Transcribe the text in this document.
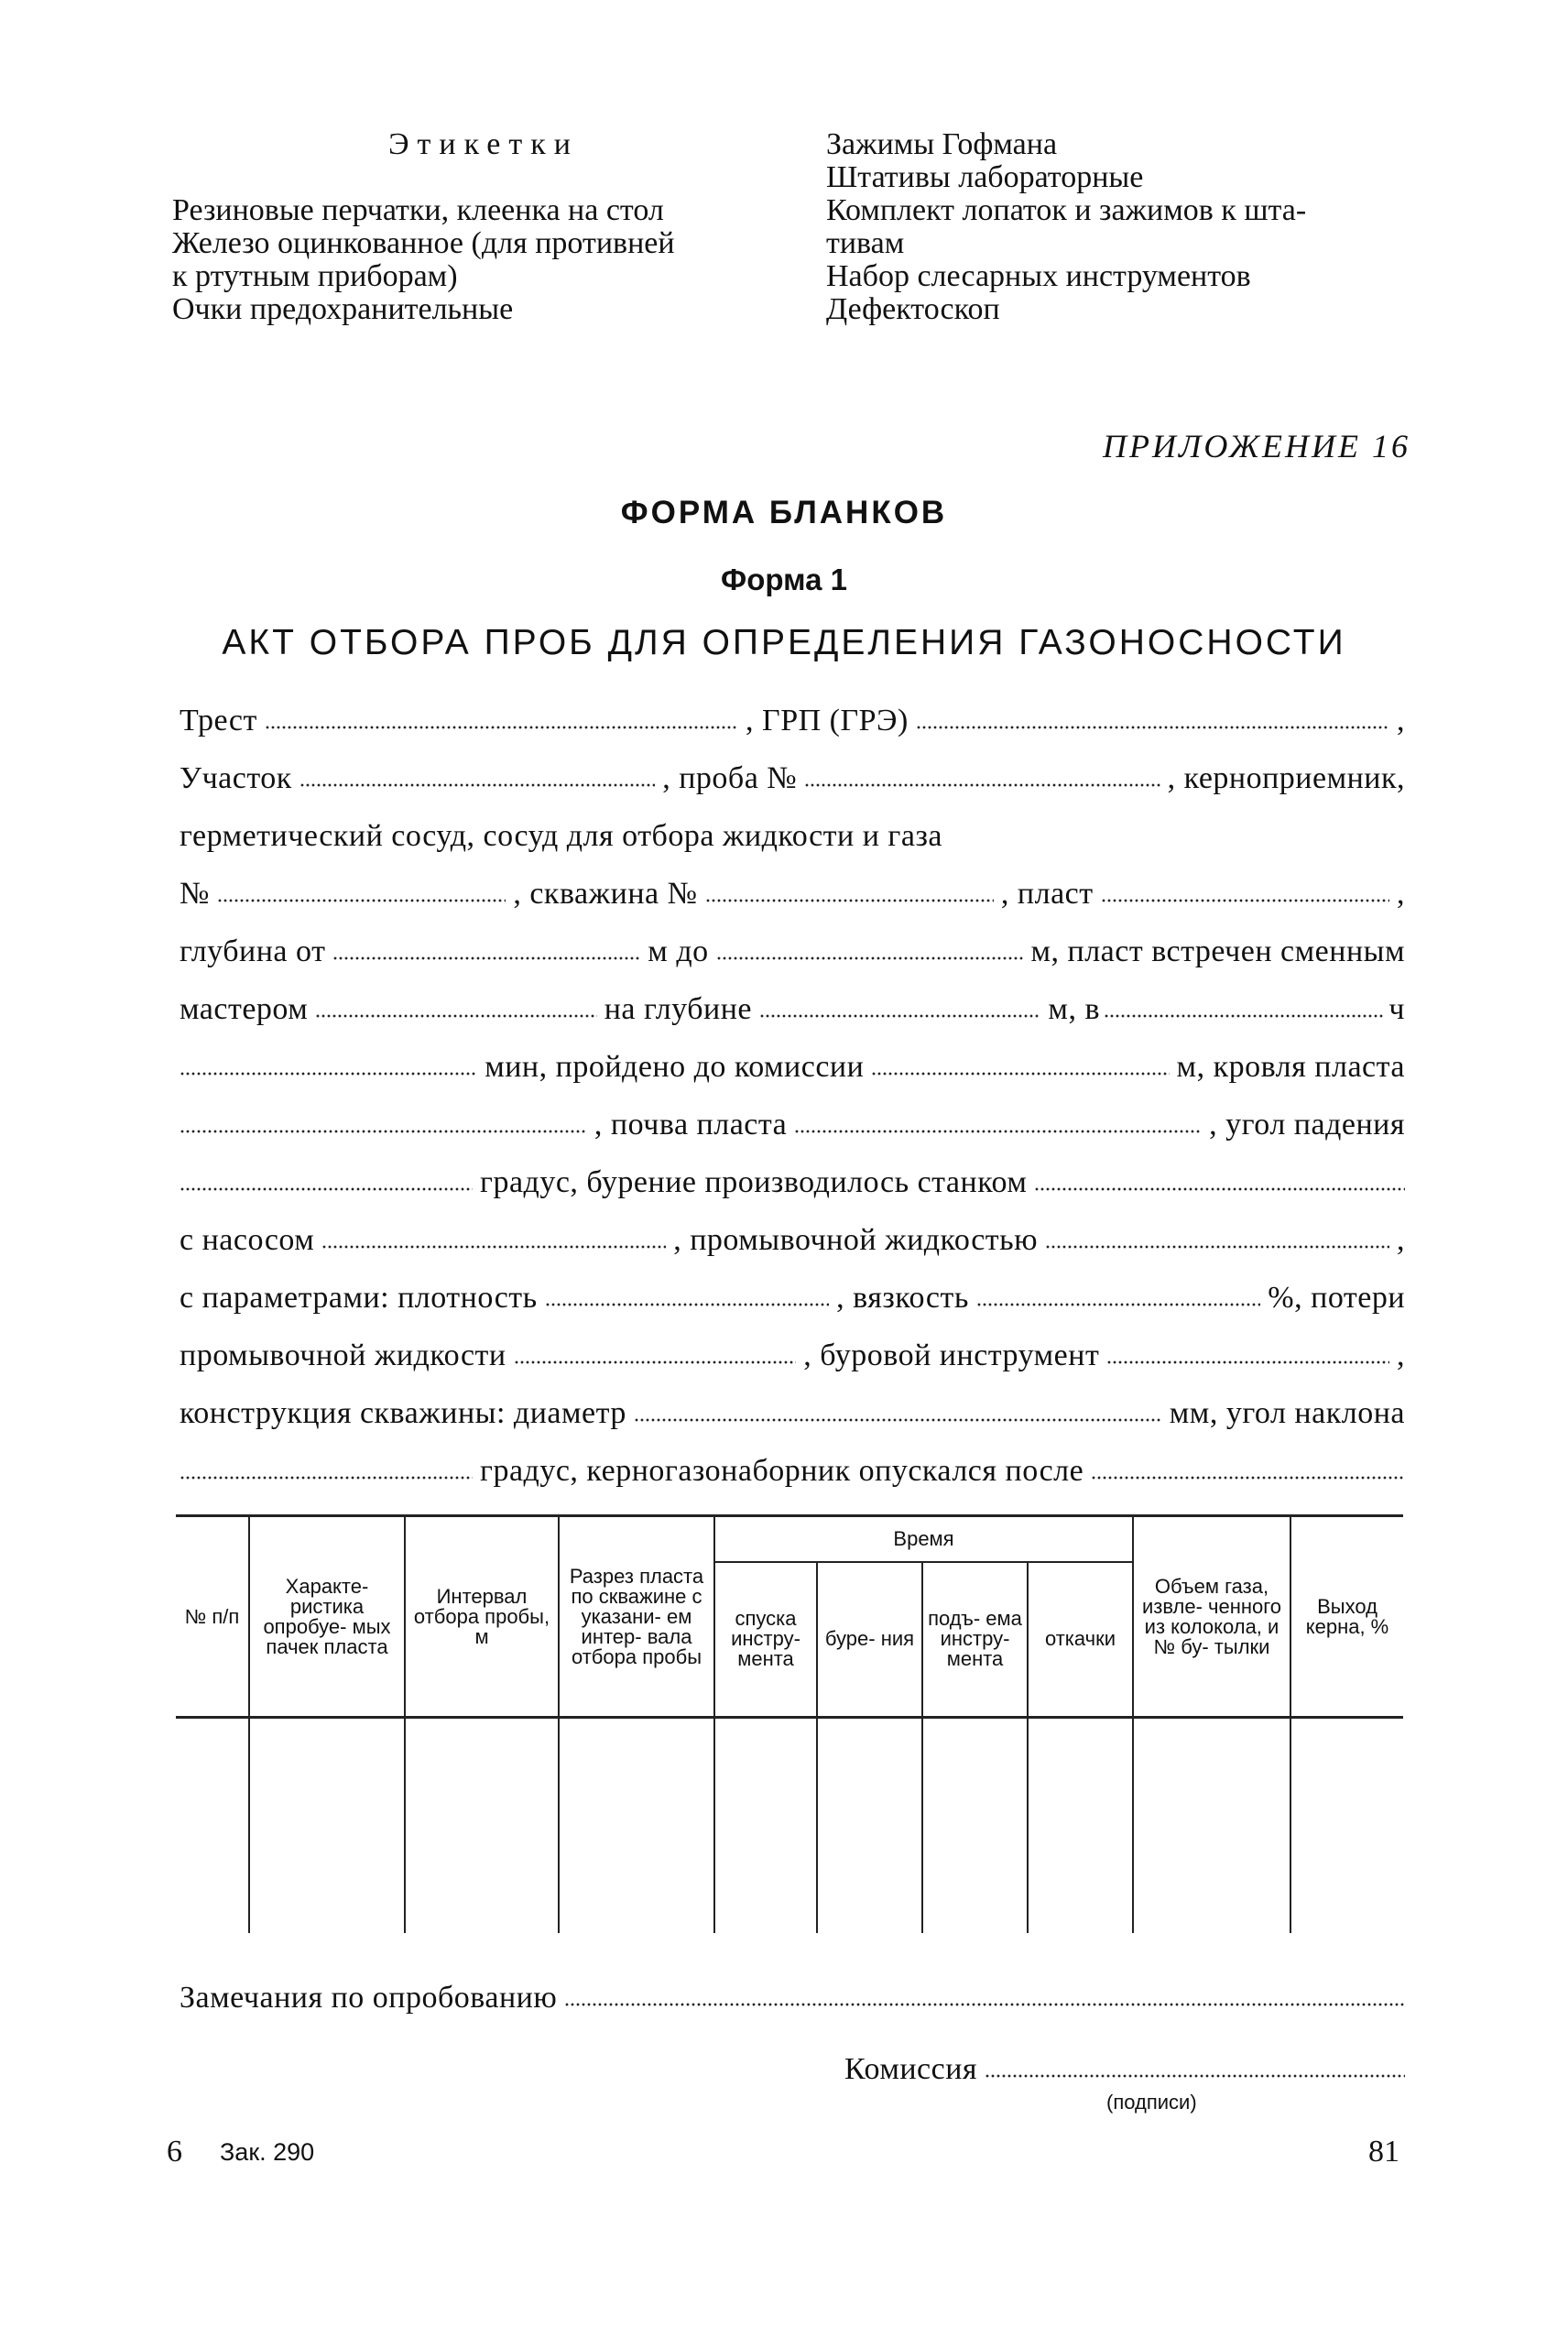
Этикетки
Резиновые перчатки, клеенка на стол
Железо оцинкованное (для противней
к ртутным приборам)
Очки предохранительные
Зажимы Гофмана
Штативы лабораторные
Комплект лопаток и зажимов к шта-
тивам
Набор слесарных инструментов
Дефектоскоп
ПРИЛОЖЕНИЕ 16
ФОРМА БЛАНКОВ
Форма 1
АКТ ОТБОРА ПРОБ ДЛЯ ОПРЕДЕЛЕНИЯ ГАЗОНОСНОСТИ
Трест	, ГРП (ГРЭ)	,
Участок	, проба №	, керноприемник,
герметический сосуд, сосуд для отбора жидкости и газа
№	, скважина №	, пласт	,
глубина от	м до	м, пласт встречен сменным
мастером	на глубине	м, в	ч
мин, пройдено до комиссии	м, кровля пласта
, почва пласта	, угол падения
градус, бурение производилось станком
с насосом	, промывочной жидкостью	,
с параметрами: плотность	, вязкость	%, потери
промывочной жидкости	, буровой инструмент	,
конструкция скважины: диаметр	мм, угол наклона
градус, керногазонаборник опускался после
№ п/п	Характе- ристика опробуе- мых пачек пласта	Интервал отбора пробы, м	Разрез пласта по скважине с указани- ем интер- вала отбора пробы	Время				Объем газа, извле- ченного из колокола, и № бу- тылки	Выход керна, %
				спуска инстру- мента	буре- ния	подъ- ема инстру- мента	откачки		

Замечания по опробованию
Комиссия
(подписи)
6 Зак. 290	81
